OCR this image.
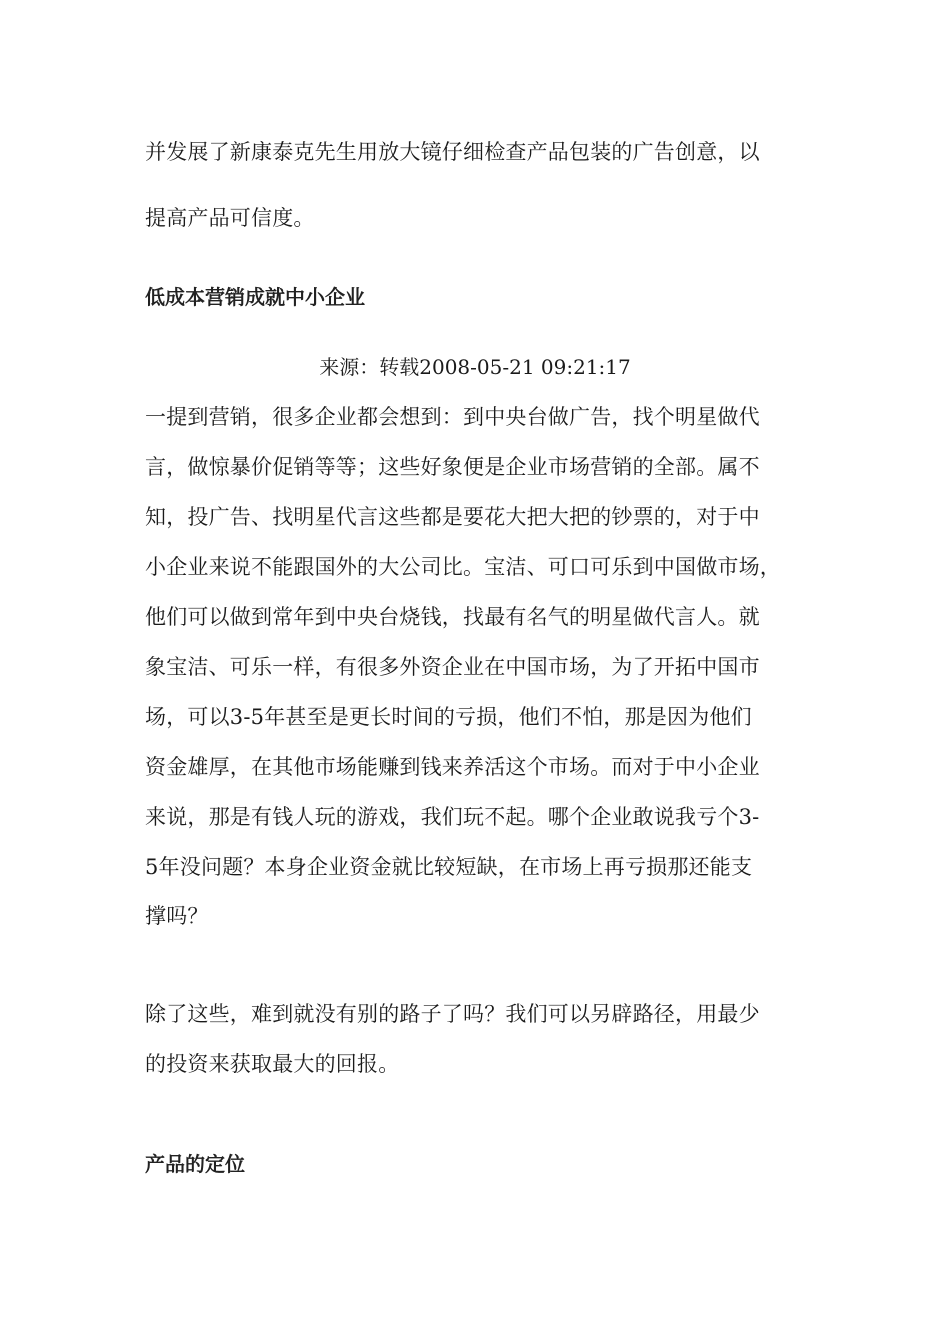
并发展了新康泰克先生用放大镜仔细检查产品包装的广告创意，以
提高产品可信度。
低成本营销成就中小企业
来源：转载2008-05-21 09:21:17
一提到营销，很多企业都会想到：到中央台做广告，找个明星做代
言，做惊暴价促销等等；这些好象便是企业市场营销的全部。属不
知，投广告、找明星代言这些都是要花大把大把的钞票的，对于中
小企业来说不能跟国外的大公司比。宝洁、可口可乐到中国做市场，
他们可以做到常年到中央台烧钱，找最有名气的明星做代言人。就
象宝洁、可乐一样，有很多外资企业在中国市场，为了开拓中国市
场，可以3-5年甚至是更长时间的亏损，他们不怕，那是因为他们
资金雄厚，在其他市场能赚到钱来养活这个市场。而对于中小企业
来说，那是有钱人玩的游戏，我们玩不起。哪个企业敢说我亏个3-
5年没问题？本身企业资金就比较短缺，在市场上再亏损那还能支
撑吗？
除了这些，难到就没有别的路子了吗？我们可以另辟路径，用最少
的投资来获取最大的回报。
产品的定位
